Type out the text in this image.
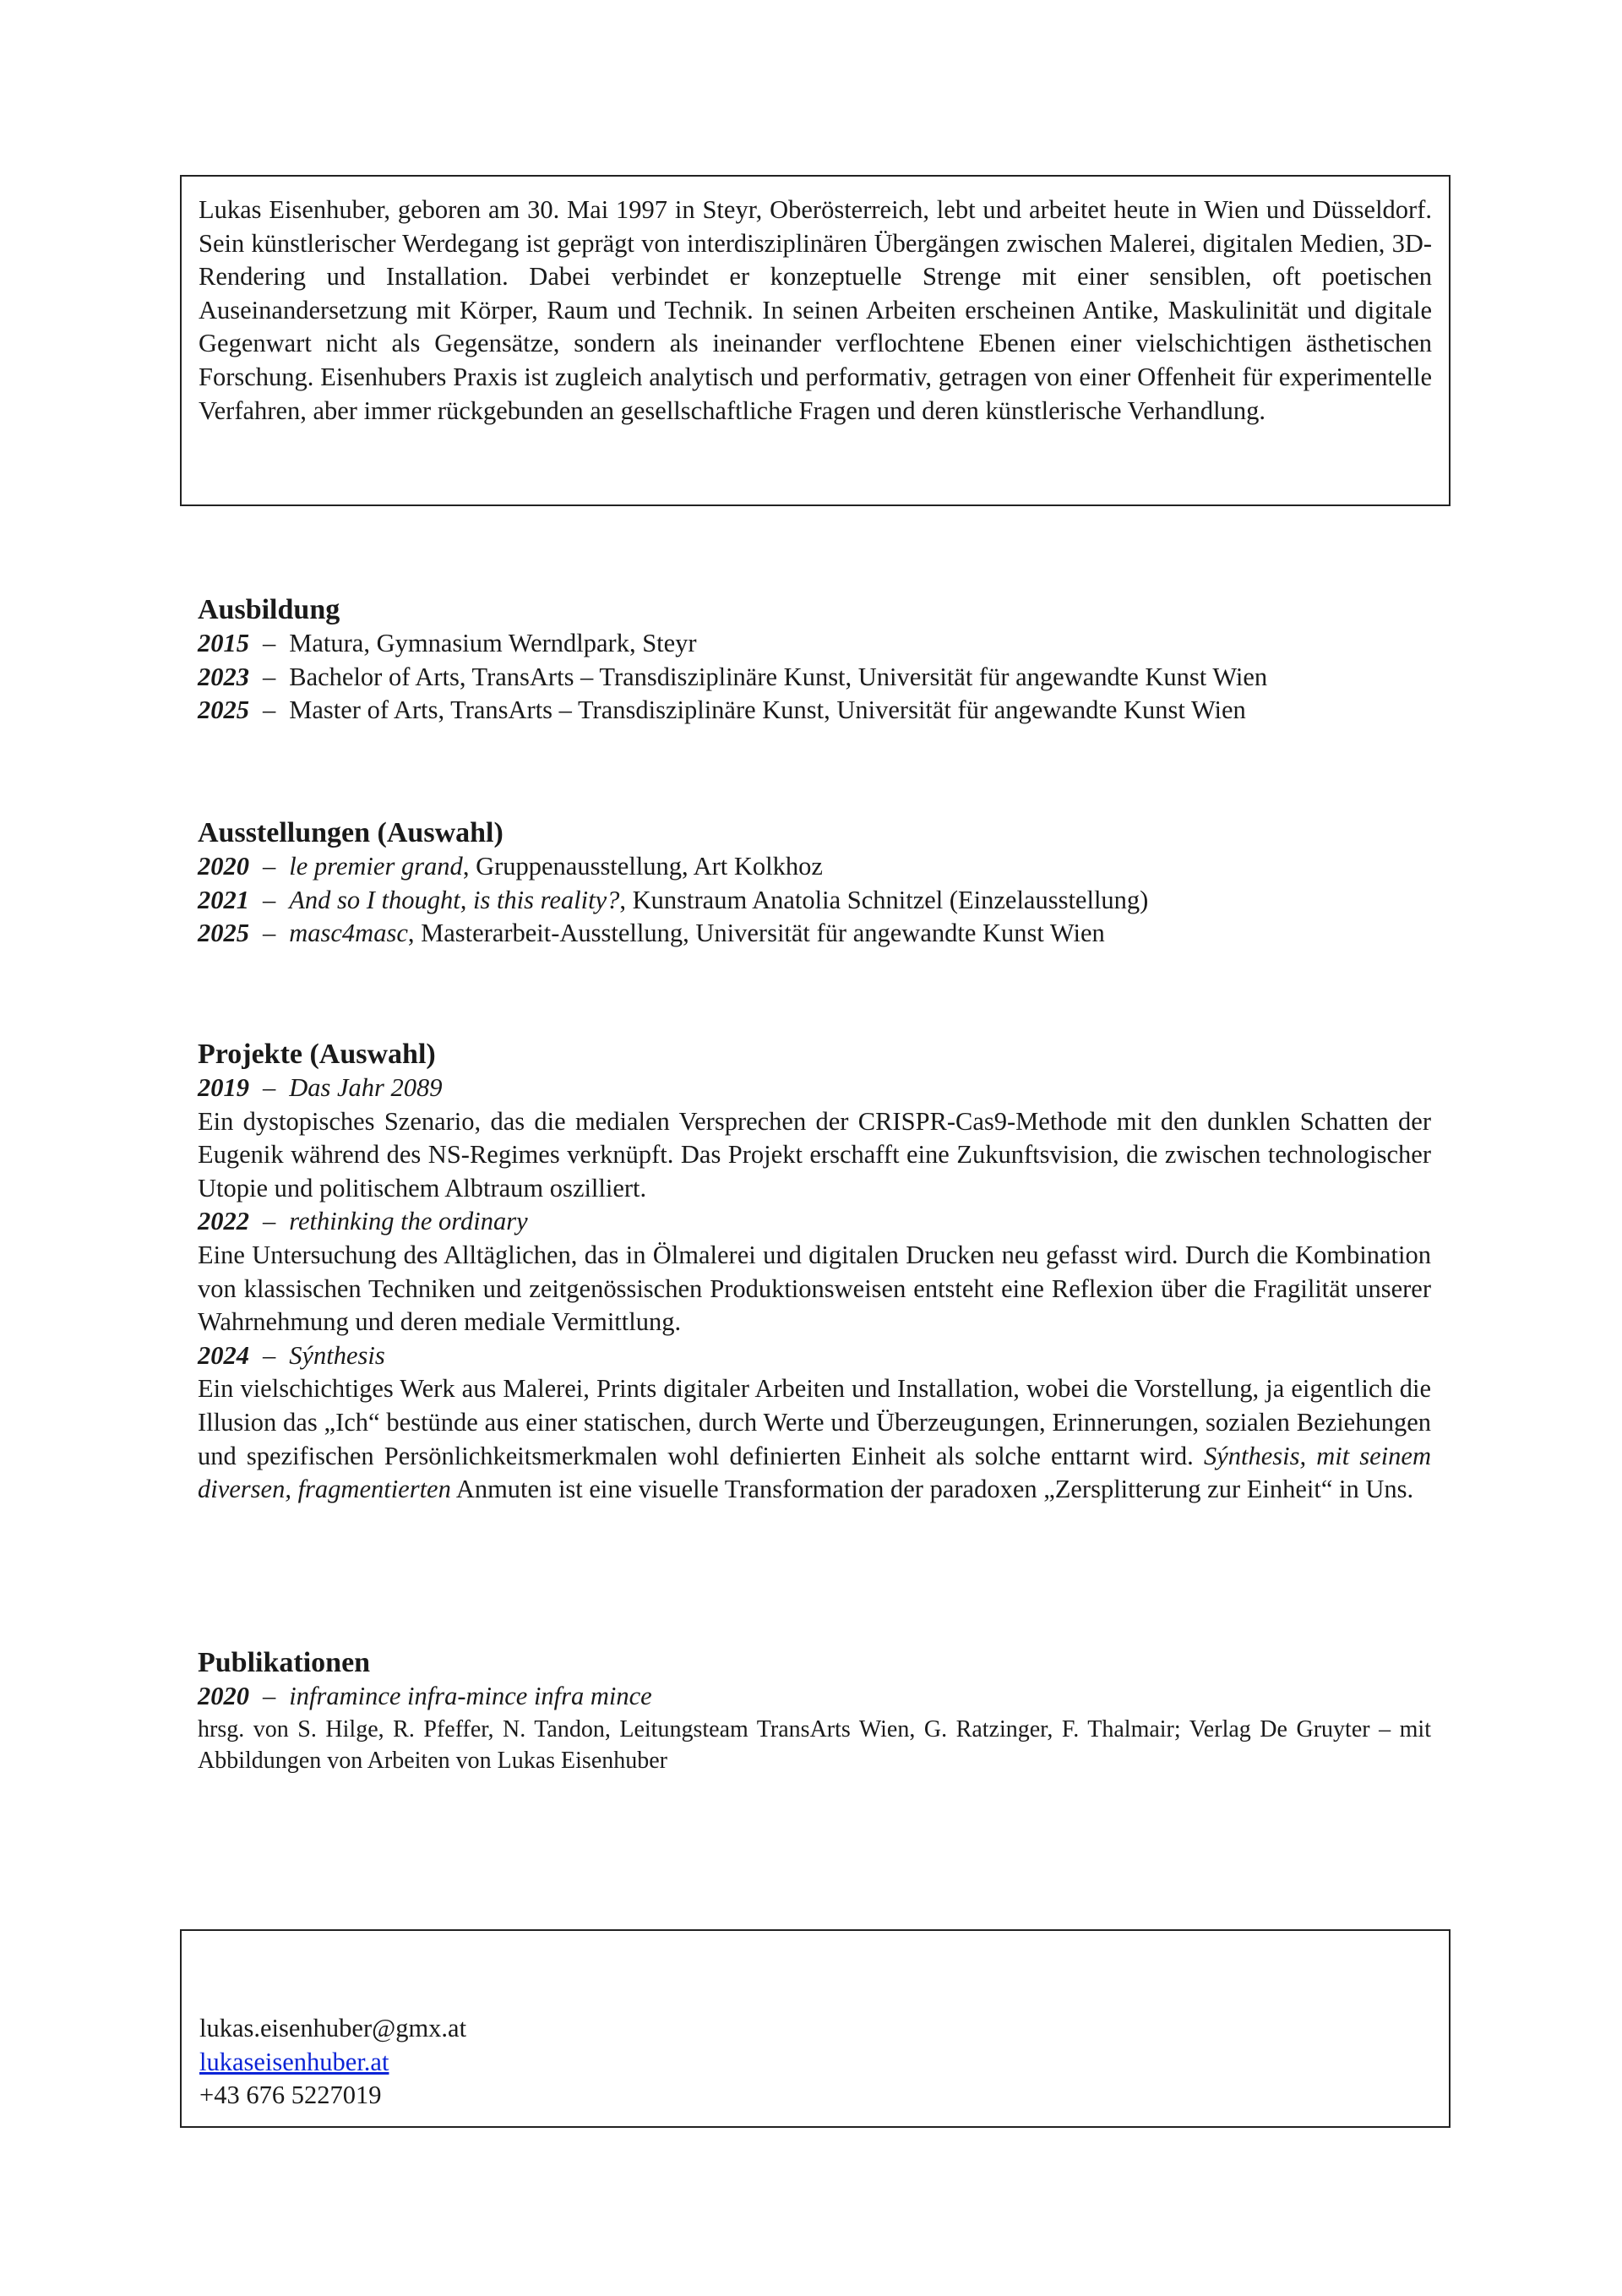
Lukas Eisenhuber, geboren am 30. Mai 1997 in Steyr, Oberösterreich, lebt und arbeitet heute in Wien und Düsseldorf. Sein künstlerischer Werdegang ist geprägt von interdisziplinären Übergängen zwischen Malerei, digitalen Medien, 3D-Rendering und Installation. Dabei verbindet er konzeptuelle Strenge mit einer sensiblen, oft poetischen Auseinandersetzung mit Körper, Raum und Technik. In seinen Arbeiten erscheinen Antike, Maskulinität und digitale Gegenwart nicht als Gegensätze, sondern als ineinander verflochtene Ebenen einer vielschichtigen ästhetischen Forschung. Eisenhubers Praxis ist zugleich analytisch und performativ, getragen von einer Offenheit für experimentelle Verfahren, aber immer rückgebunden an gesellschaftliche Fragen und deren künstlerische Verhandlung.

Ausbildung
2015 – Matura, Gymnasium Werndlpark, Steyr
2023 – Bachelor of Arts, TransArts – Transdisziplinäre Kunst, Universität für angewandte Kunst Wien
2025 – Master of Arts, TransArts – Transdisziplinäre Kunst, Universität für angewandte Kunst Wien
Ausstellungen (Auswahl)
2020 – le premier grand, Gruppenausstellung, Art Kolkhoz
2021 – And so I thought, is this reality?, Kunstraum Anatolia Schnitzel (Einzelausstellung)
2025 – masc4masc, Masterarbeit-Ausstellung, Universität für angewandte Kunst Wien
Projekte (Auswahl)
2019 – Das Jahr 2089

Ein dystopisches Szenario, das die medialen Versprechen der CRISPR-Cas9-Methode mit den dunklen Schatten der Eugenik während des NS-Regimes verknüpft. Das Projekt erschafft eine Zukunftsvision, die zwischen technologischer Utopie und politischem Albtraum oszilliert.

2022 – rethinking the ordinary

Eine Untersuchung des Alltäglichen, das in Ölmalerei und digitalen Drucken neu gefasst wird. Durch die Kombination von klassischen Techniken und zeitgenössischen Produktionsweisen entsteht eine Reflexion über die Fragilität unserer Wahrnehmung und deren mediale Vermittlung.

2024 – Sýnthesis

Ein vielschichtiges Werk aus Malerei, Prints digitaler Arbeiten und Installation, wobei die Vorstellung, ja eigentlich die Illusion das „Ich“ bestünde aus einer statischen, durch Werte und Überzeugungen, Erinnerungen, sozialen Beziehungen und spezifischen Persönlichkeitsmerkmalen wohl definierten Einheit als solche enttarnt wird. Sýnthesis, mit seinem diversen, fragmentierten Anmuten ist eine visuelle Transformation der paradoxen „Zersplitterung zur Einheit“ in Uns.

Publikationen
2020 – inframince infra-mince infra mince

hrsg. von S. Hilge, R. Pfeffer, N. Tandon, Leitungsteam TransArts Wien, G. Ratzinger, F. Thalmair; Verlag De Gruyter – mit Abbildungen von Arbeiten von Lukas Eisenhuber

lukas.eisenhuber@gmx.at
lukaseisenhuber.at
+43 676 5227019
